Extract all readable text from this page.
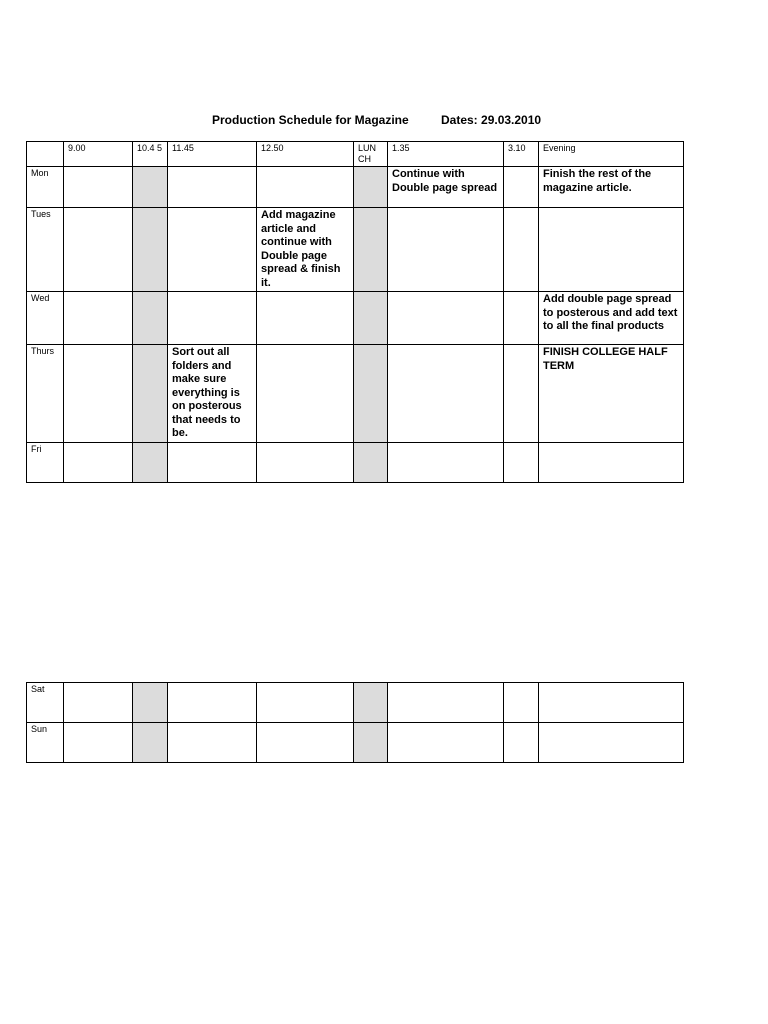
Production Schedule for Magazine	Dates: 29.03.2010
	9.00	10.4 5	11.45	12.50	LUN CH	1.35	3.10	Evening
Mon						Continue with Double page spread		Finish the rest of the magazine article.
Tues				Add magazine article and continue with Double page spread & finish it.				
Wed								Add double page spread to posterous and add text to all the final products
Thurs			Sort out all folders and make sure everything is on posterous that needs to be.					FINISH COLLEGE HALF TERM
Fri								
Sat								
Sun								
